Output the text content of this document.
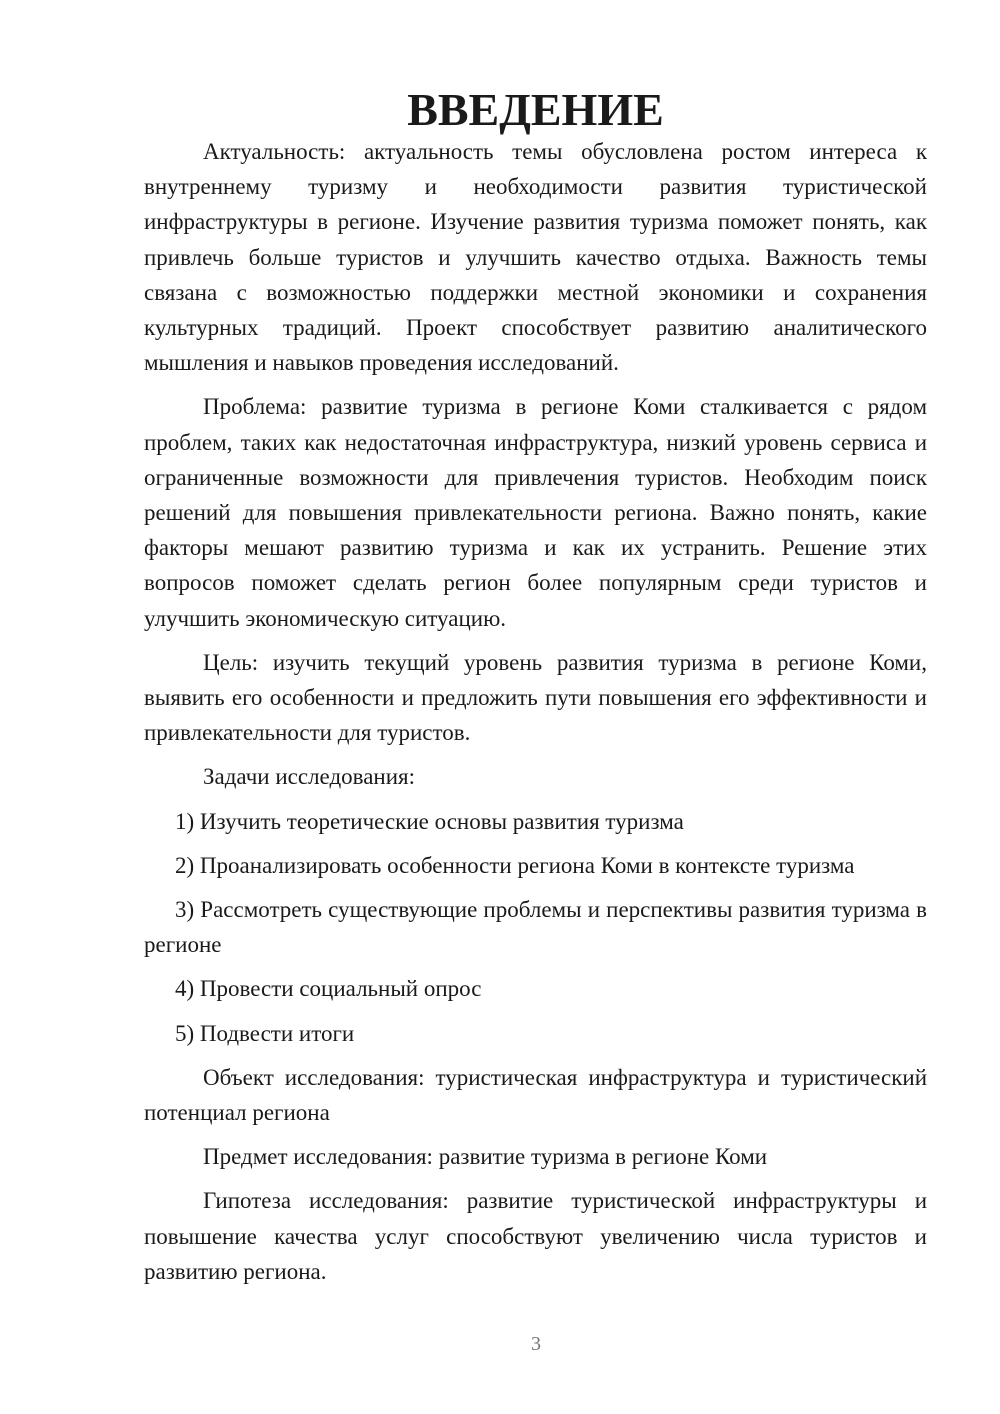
ВВЕДЕНИЕ

Актуальность: актуальность темы обусловлена ростом интереса к внутреннему туризму и необходимости развития туристической инфраструктуры в регионе. Изучение развития туризма поможет понять, как привлечь больше туристов и улучшить качество отдыха. Важность темы связана с возможностью поддержки местной экономики и сохранения культурных традиций. Проект способствует развитию аналитического мышления и навыков проведения исследований.

Проблема: развитие туризма в регионе Коми сталкивается с рядом проблем, таких как недостаточная инфраструктура, низкий уровень сервиса и ограниченные возможности для привлечения туристов. Необходим поиск решений для повышения привлекательности региона. Важно понять, какие факторы мешают развитию туризма и как их устранить. Решение этих вопросов поможет сделать регион более популярным среди туристов и улучшить экономическую ситуацию.

Цель: изучить текущий уровень развития туризма в регионе Коми, выявить его особенности и предложить пути повышения его эффективности и привлекательности для туристов.

Задачи исследования:

1) Изучить теоретические основы развития туризма

2) Проанализировать особенности региона Коми в контексте туризма

3) Рассмотреть существующие проблемы и перспективы развития туризма в регионе

4) Провести социальный опрос

5) Подвести итоги

Объект исследования: туристическая инфраструктура и туристический потенциал региона

Предмет исследования: развитие туризма в регионе Коми

Гипотеза исследования: развитие туристической инфраструктуры и повышение качества услуг способствуют увеличению числа туристов и развитию региона.

3
